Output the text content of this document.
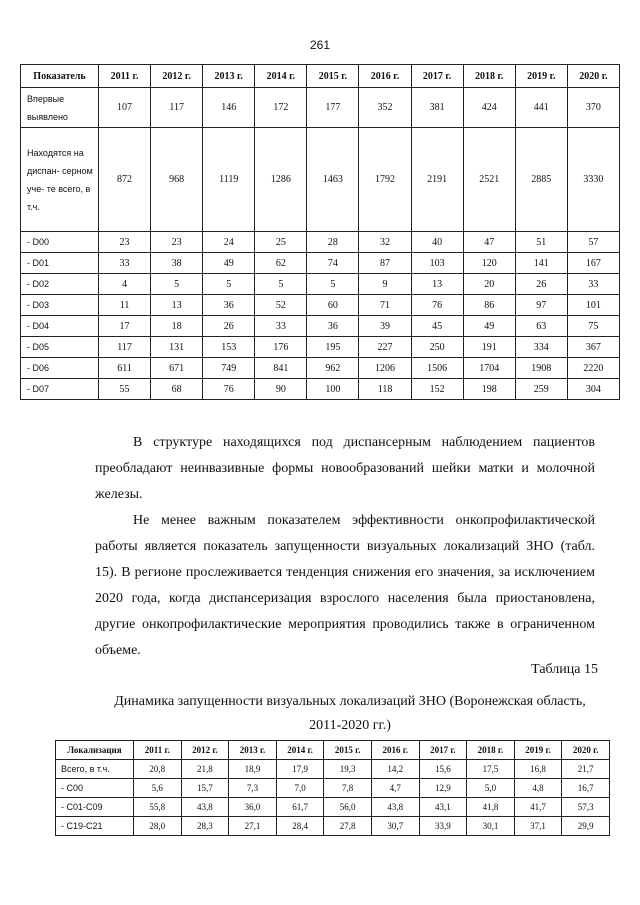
261
Показатель	2011 г.	2012 г.	2013 г.	2014 г.	2015 г.	2016 г.	2017 г.	2018 г.	2019 г.	2020 г.
Впервые выявлено	107	117	146	172	177	352	381	424	441	370
Находятся на диспан- серном уче- те всего, в т.ч.	872	968	1119	1286	1463	1792	2191	2521	2885	3330
- D00	23	23	24	25	28	32	40	47	51	57
- D01	33	38	49	62	74	87	103	120	141	167
- D02	4	5	5	5	5	9	13	20	26	33
- D03	11	13	36	52	60	71	76	86	97	101
- D04	17	18	26	33	36	39	45	49	63	75
- D05	117	131	153	176	195	227	250	191	334	367
- D06	611	671	749	841	962	1206	1506	1704	1908	2220
- D07	55	68	76	90	100	118	152	198	259	304
В структуре находящихся под диспансерным наблюдением пациентов преобладают неинвазивные формы новообразований шейки матки и молочной железы.
Не менее важным показателем эффективности онкопрофилактической работы является показатель запущенности визуальных локализаций ЗНО (табл. 15). В регионе прослеживается тенденция снижения его значения, за исключением 2020 года, когда диспансеризация взрослого населения была приостановлена, другие онкопрофилактические мероприятия проводились также в ограниченном объеме.
Таблица 15
Динамика запущенности визуальных локализаций ЗНО (Воронежская область, 2011-2020 гг.)
Локализация	2011 г.	2012 г.	2013 г.	2014 г.	2015 г.	2016 г.	2017 г.	2018 г.	2019 г.	2020 г.
Всего, в т.ч.	20,8	21,8	18,9	17,9	19,3	14,2	15,6	17,5	16,8	21,7
- С00	5,6	15,7	7,3	7,0	7,8	4,7	12,9	5,0	4,8	16,7
- С01-С09	55,8	43,8	36,0	61,7	56,0	43,8	43,1	41,8	41,7	57,3
- С19-С21	28,0	28,3	27,1	28,4	27,8	30,7	33,9	30,1	37,1	29,9
